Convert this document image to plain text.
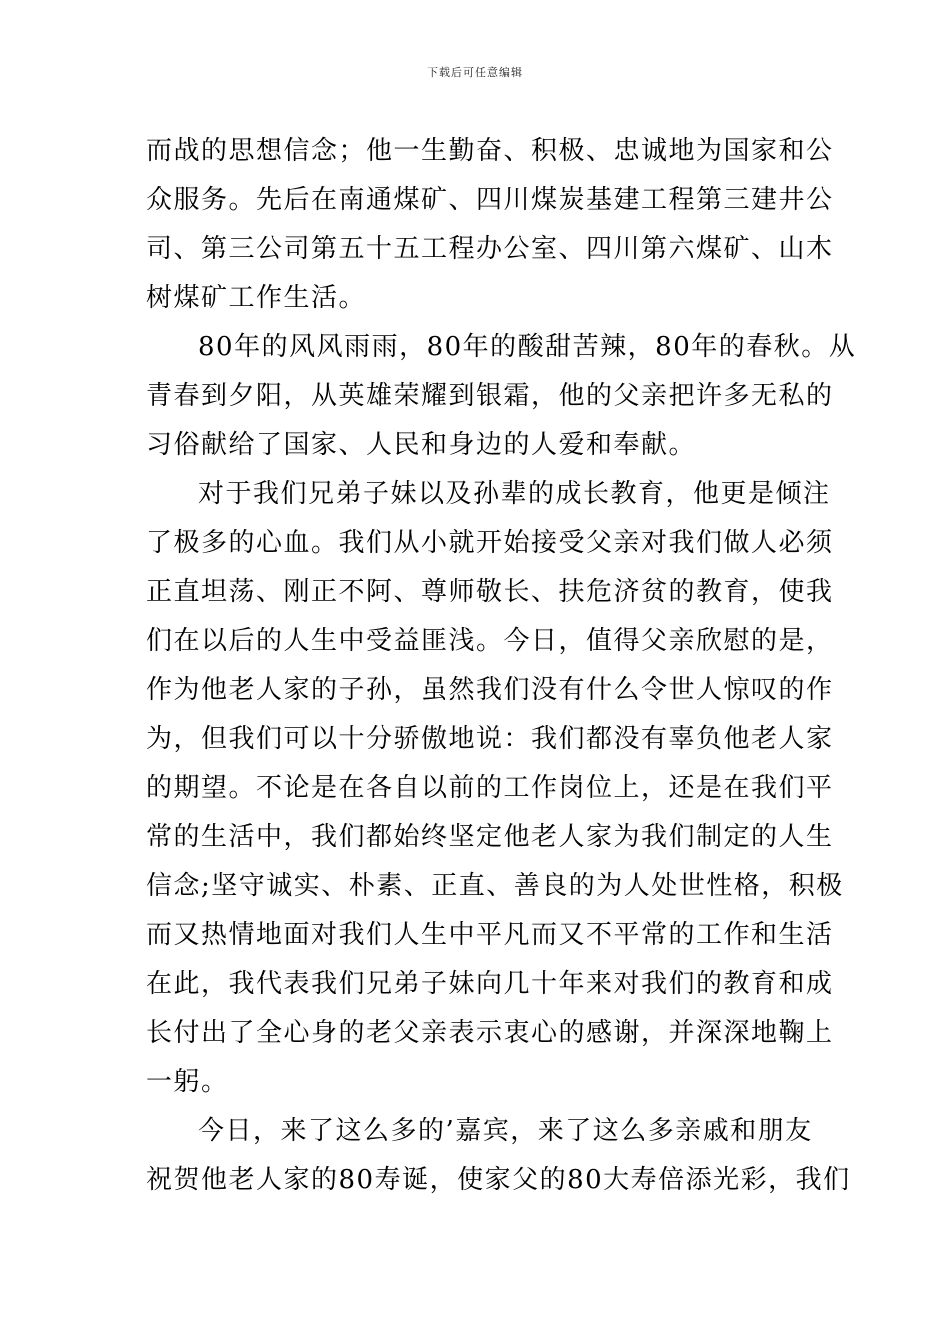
下载后可任意编辑
而战的思想信念；他一生勤奋、积极、忠诚地为国家和公
众服务。先后在南通煤矿、四川煤炭基建工程第三建井公
司、第三公司第五十五工程办公室、四川第六煤矿、山木
树煤矿工作生活。
80年的风风雨雨，80年的酸甜苦辣，80年的春秋。从
青春到夕阳，从英雄荣耀到银霜，他的父亲把许多无私的
习俗献给了国家、人民和身边的人爱和奉献。
对于我们兄弟子妹以及孙辈的成长教育，他更是倾注
了极多的心血。我们从小就开始接受父亲对我们做人必须
正直坦荡、刚正不阿、尊师敬长、扶危济贫的教育，使我
们在以后的人生中受益匪浅。今日，值得父亲欣慰的是，
作为他老人家的子孙，虽然我们没有什么令世人惊叹的作
为，但我们可以十分骄傲地说：我们都没有辜负他老人家
的期望。不论是在各自以前的工作岗位上，还是在我们平
常的生活中，我们都始终坚定他老人家为我们制定的人生
信念;坚守诚实、朴素、正直、善良的为人处世性格，积极
而又热情地面对我们人生中平凡而又不平常的工作和生活
在此，我代表我们兄弟子妹向几十年来对我们的教育和成
长付出了全心身的老父亲表示衷心的感谢，并深深地鞠上
一躬。
今日，来了这么多的’嘉宾，来了这么多亲戚和朋友
祝贺他老人家的80寿诞，使家父的80大寿倍添光彩，我们
